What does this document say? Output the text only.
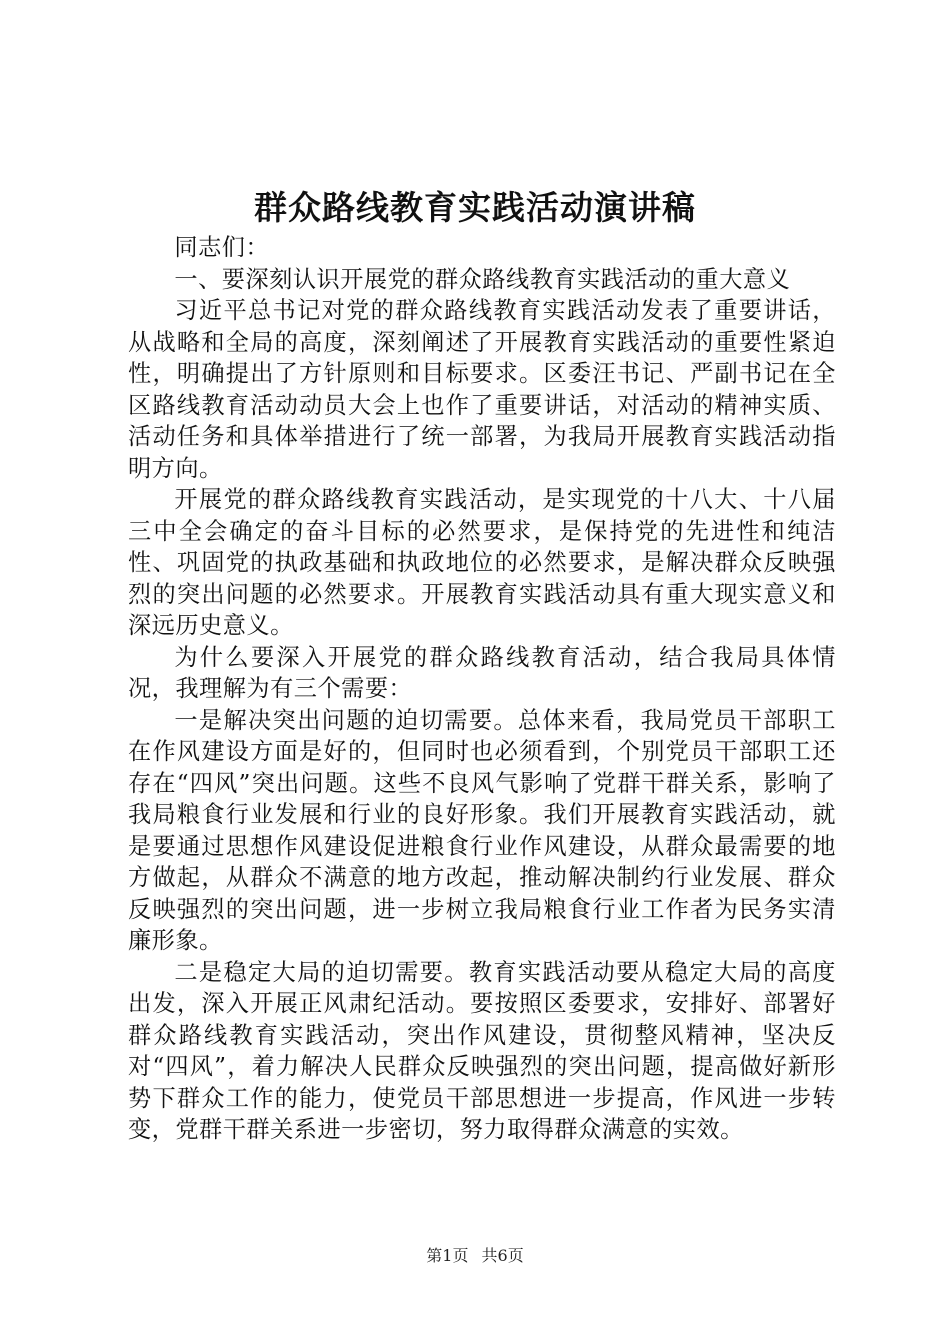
群众路线教育实践活动演讲稿

同志们：

一、要深刻认识开展党的群众路线教育实践活动的重大意义

习近平总书记对党的群众路线教育实践活动发表了重要讲话，从战略和全局的高度，深刻阐述了开展教育实践活动的重要性紧迫性，明确提出了方针原则和目标要求。区委汪书记、严副书记在全区路线教育活动动员大会上也作了重要讲话，对活动的精神实质、活动任务和具体举措进行了统一部署，为我局开展教育实践活动指明方向。

开展党的群众路线教育实践活动，是实现党的十八大、十八届三中全会确定的奋斗目标的必然要求，是保持党的先进性和纯洁性、巩固党的执政基础和执政地位的必然要求，是解决群众反映强烈的突出问题的必然要求。开展教育实践活动具有重大现实意义和深远历史意义。

为什么要深入开展党的群众路线教育活动，结合我局具体情况，我理解为有三个需要：

一是解决突出问题的迫切需要。总体来看，我局党员干部职工在作风建设方面是好的，但同时也必须看到，个别党员干部职工还存在“四风”突出问题。这些不良风气影响了党群干群关系，影响了我局粮食行业发展和行业的良好形象。我们开展教育实践活动，就是要通过思想作风建设促进粮食行业作风建设，从群众最需要的地方做起，从群众不满意的地方改起，推动解决制约行业发展、群众反映强烈的突出问题，进一步树立我局粮食行业工作者为民务实清廉形象。

二是稳定大局的迫切需要。教育实践活动要从稳定大局的高度出发，深入开展正风肃纪活动。要按照区委要求，安排好、部署好群众路线教育实践活动，突出作风建设，贯彻整风精神，坚决反对“四风”，着力解决人民群众反映强烈的突出问题，提高做好新形势下群众工作的能力，使党员干部思想进一步提高，作风进一步转变，党群干群关系进一步密切，努力取得群众满意的实效。

第1页 共6页
